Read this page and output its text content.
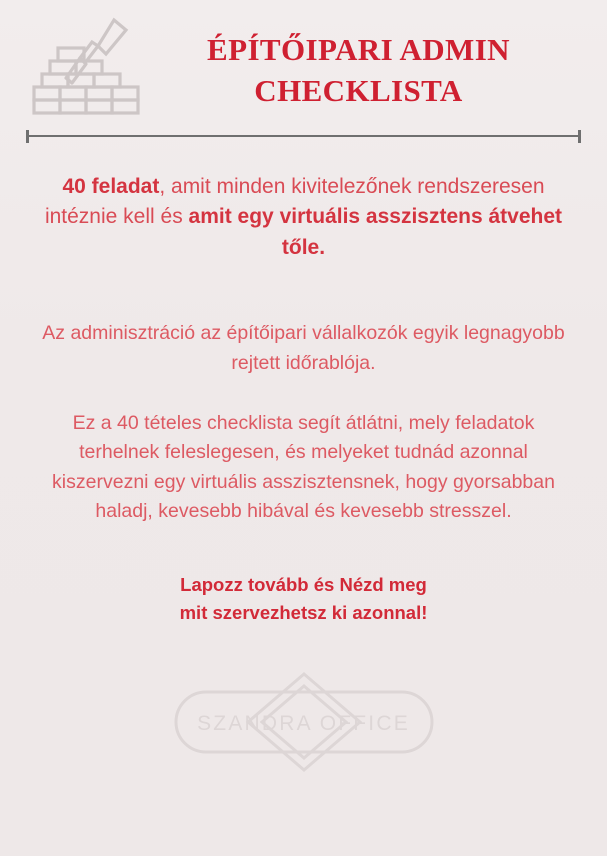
ÉPÍTŐIPARI ADMIN
CHECKLISTA

40 feladat, amit minden kivitelezőnek rendszeresen intéznie kell és amit egy virtuális asszisztens átvehet tőle.

Az adminisztráció az építőipari vállalkozók egyik legnagyobb rejtett időrablója.

Ez a 40 tételes checklista segít átlátni, mely feladatok terhelnek feleslegesen, és melyeket tudnád azonnal kiszervezni egy virtuális asszisztensnek, hogy gyorsabban haladj, kevesebb hibával és kevesebb stresszel.

Lapozz tovább és Nézd meg
mit szervezhetsz ki azonnal!

SZANDRA OFFICE
